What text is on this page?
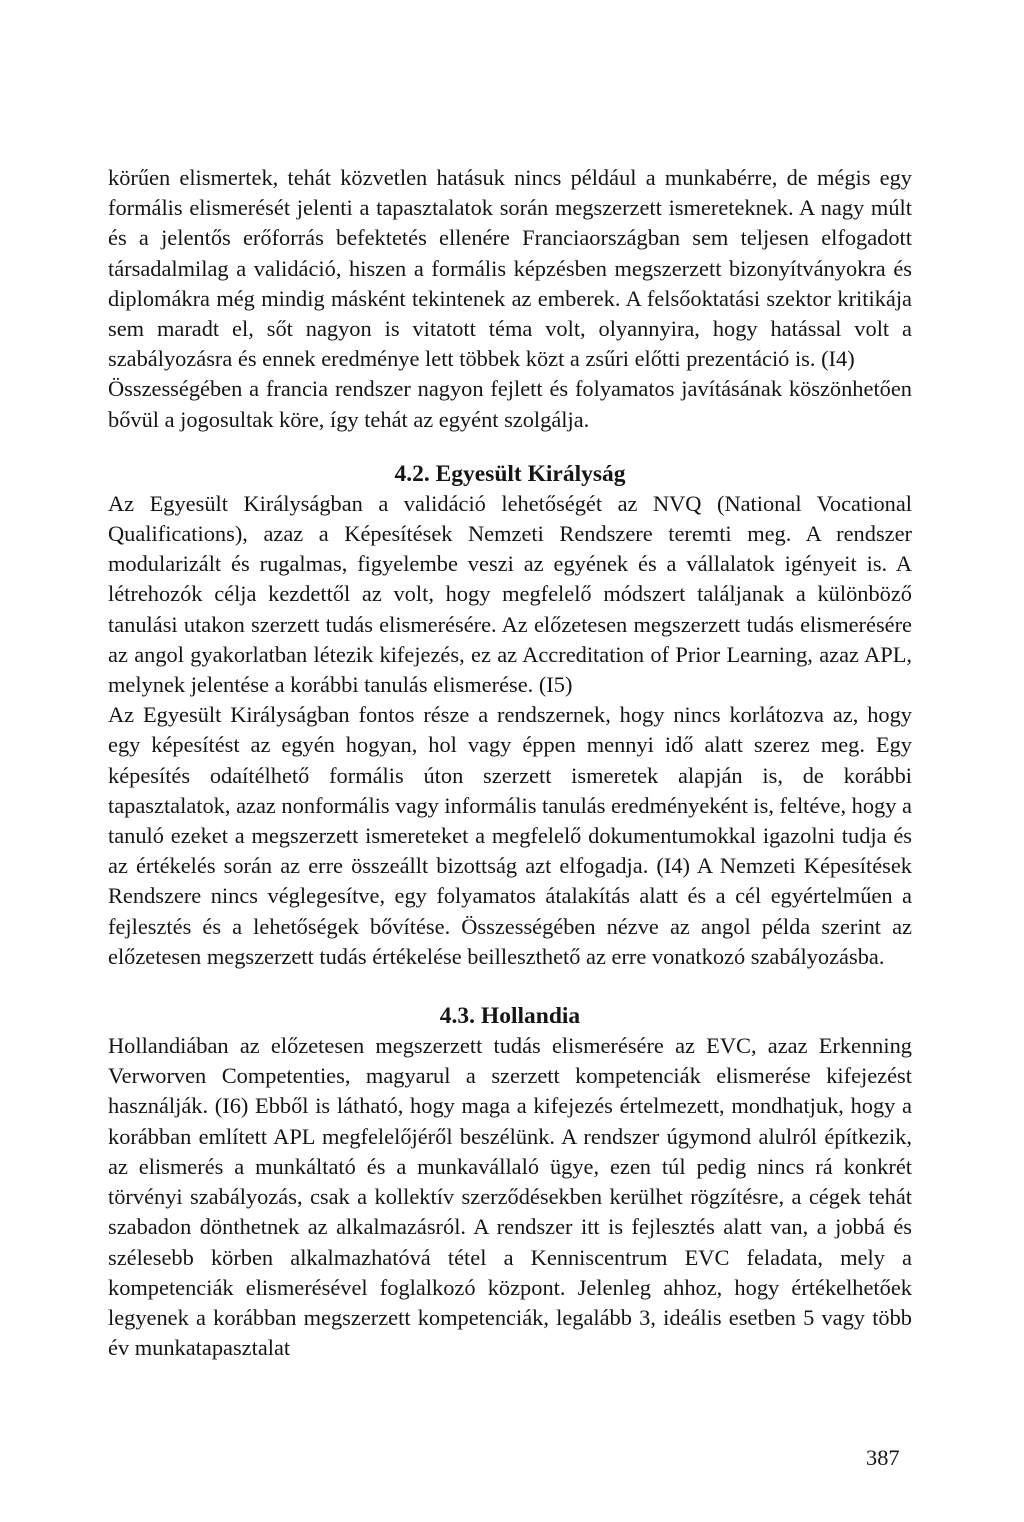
körűen elismertek, tehát közvetlen hatásuk nincs például a munkabérre, de mégis egy formális elismerését jelenti a tapasztalatok során megszerzett ismereteknek. A nagy múlt és a jelentős erőforrás befektetés ellenére Franciaországban sem teljesen elfogadott társadalmilag a validáció, hiszen a formális képzésben megszerzett bizonyítványokra és diplomákra még mindig másként tekintenek az emberek. A felsőoktatási szektor kritikája sem maradt el, sőt nagyon is vitatott téma volt, olyannyira, hogy hatással volt a szabályozásra és ennek eredménye lett többek közt a zsűri előtti prezentáció is. (I4)

Összességében a francia rendszer nagyon fejlett és folyamatos javításának köszönhetően bővül a jogosultak köre, így tehát az egyént szolgálja.

4.2. Egyesült Királyság

Az Egyesült Királyságban a validáció lehetőségét az NVQ (National Vocational Qualifications), azaz a Képesítések Nemzeti Rendszere teremti meg. A rendszer modularizált és rugalmas, figyelembe veszi az egyének és a vállalatok igényeit is. A létrehozók célja kezdettől az volt, hogy megfelelő módszert találjanak a különböző tanulási utakon szerzett tudás elismerésére. Az előzetesen megszerzett tudás elismerésére az angol gyakorlatban létezik kifejezés, ez az Accreditation of Prior Learning, azaz APL, melynek jelentése a korábbi tanulás elismerése. (I5)

Az Egyesült Királyságban fontos része a rendszernek, hogy nincs korlátozva az, hogy egy képesítést az egyén hogyan, hol vagy éppen mennyi idő alatt szerez meg. Egy képesítés odaítélhető formális úton szerzett ismeretek alapján is, de korábbi tapasztalatok, azaz nonformális vagy informális tanulás eredményeként is, feltéve, hogy a tanuló ezeket a megszerzett ismereteket a megfelelő dokumentumokkal igazolni tudja és az értékelés során az erre összeállt bizottság azt elfogadja. (I4) A Nemzeti Képesítések Rendszere nincs véglegesítve, egy folyamatos átalakítás alatt és a cél egyértelműen a fejlesztés és a lehetőségek bővítése. Összességében nézve az angol példa szerint az előzetesen megszerzett tudás értékelése beilleszthető az erre vonatkozó szabályozásba.

4.3. Hollandia

Hollandiában az előzetesen megszerzett tudás elismerésére az EVC, azaz Erkenning Verworven Competenties, magyarul a szerzett kompetenciák elismerése kifejezést használják. (I6) Ebből is látható, hogy maga a kifejezés értelmezett, mondhatjuk, hogy a korábban említett APL megfelelőjéről beszélünk. A rendszer úgymond alulról építkezik, az elismerés a munkáltató és a munkavállaló ügye, ezen túl pedig nincs rá konkrét törvényi szabályozás, csak a kollektív szerződésekben kerülhet rögzítésre, a cégek tehát szabadon dönthetnek az alkalmazásról. A rendszer itt is fejlesztés alatt van, a jobbá és szélesebb körben alkalmazhatóvá tétel a Kenniscentrum EVC feladata, mely a kompetenciák elismerésével foglalkozó központ. Jelenleg ahhoz, hogy értékelhetőek legyenek a korábban megszerzett kompetenciák, legalább 3, ideális esetben 5 vagy több év munkatapasztalat

387
